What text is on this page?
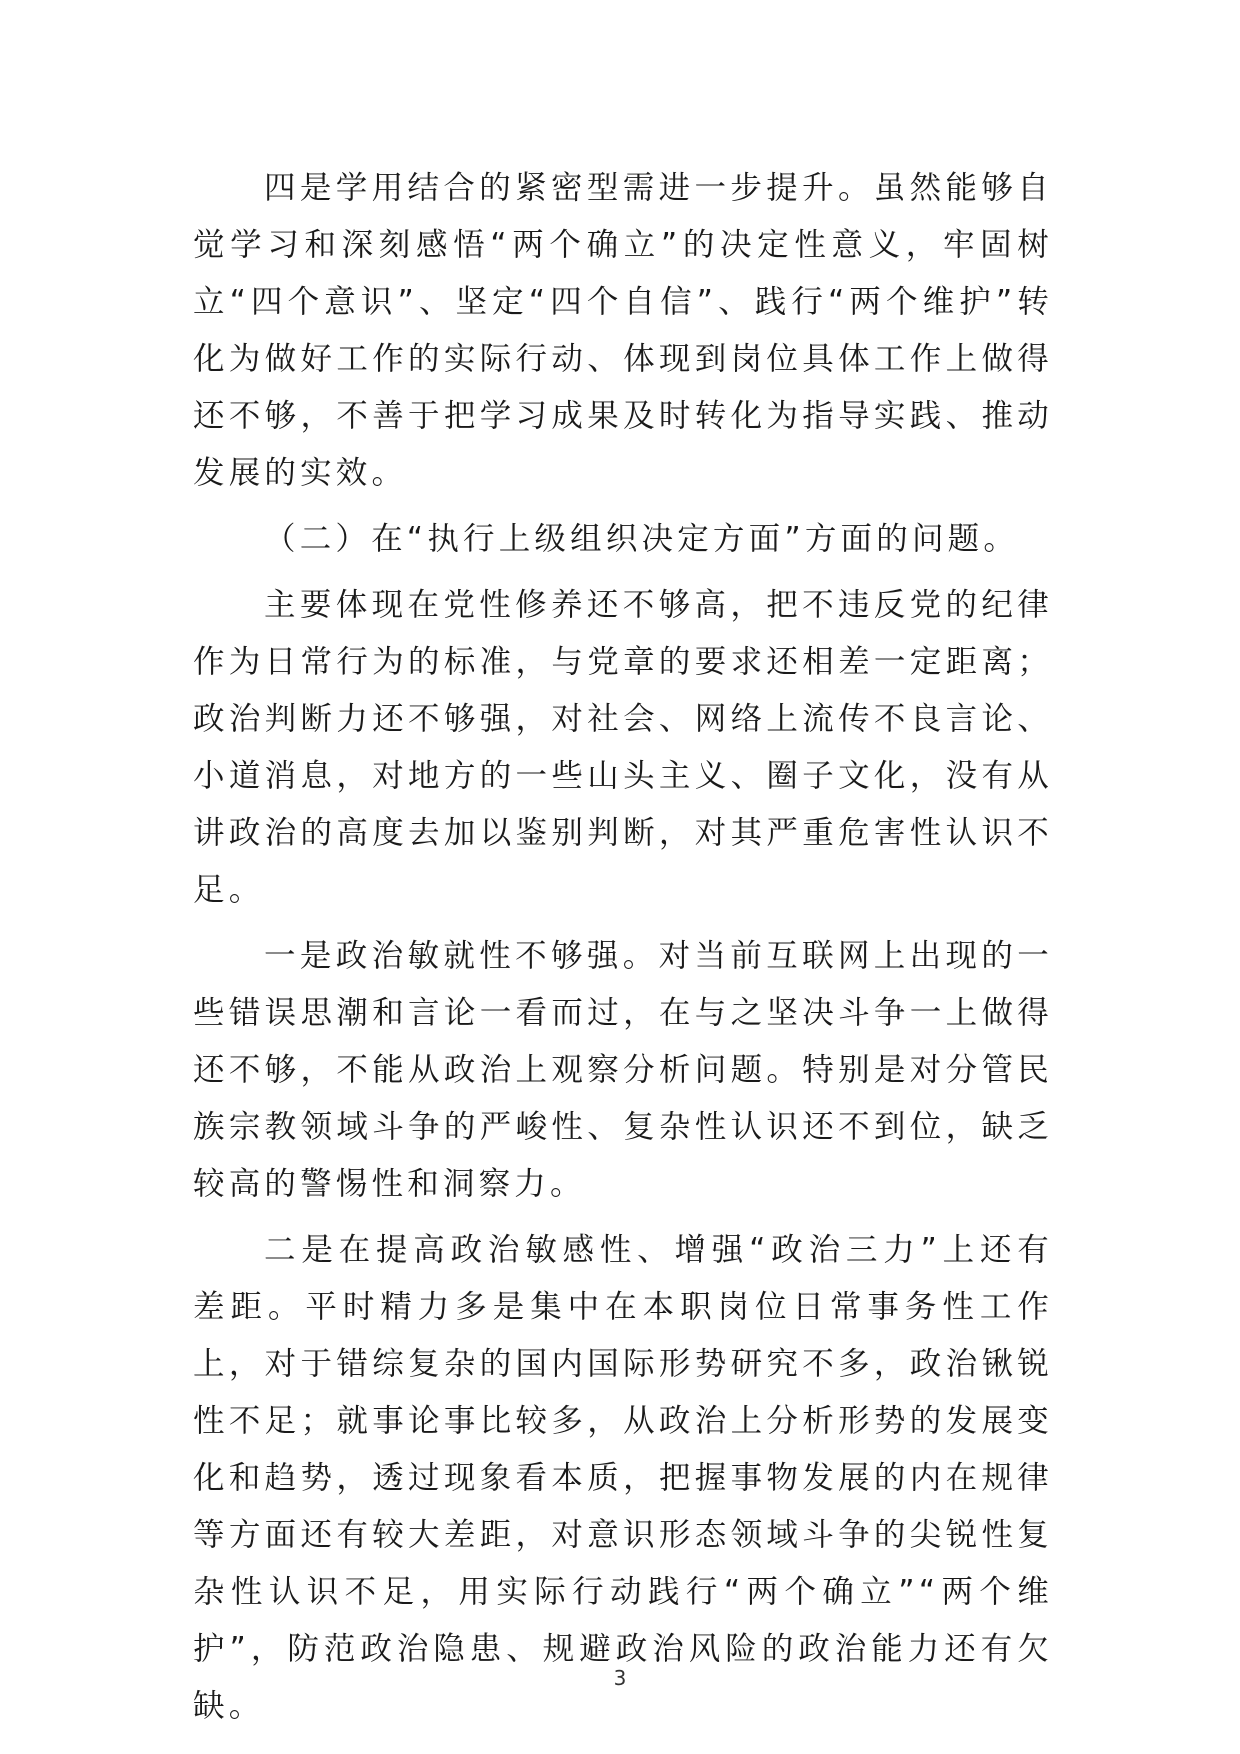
四是学用结合的紧密型需进一步提升。虽然能够自觉学习和深刻感悟“两个确立”的决定性意义，牢固树立“四个意识”、坚定“四个自信”、践行“两个维护”转化为做好工作的实际行动、体现到岗位具体工作上做得还不够，不善于把学习成果及时转化为指导实践、推动发展的实效。

（二）在“执行上级组织决定方面”方面的问题。

主要体现在党性修养还不够高，把不违反党的纪律作为日常行为的标准，与党章的要求还相差一定距离；政治判断力还不够强，对社会、网络上流传不良言论、小道消息，对地方的一些山头主义、圈子文化，没有从讲政治的高度去加以鉴别判断，对其严重危害性认识不足。

一是政治敏就性不够强。对当前互联网上出现的一些错误思潮和言论一看而过，在与之坚决斗争一上做得还不够，不能从政治上观察分析问题。特别是对分管民族宗教领域斗争的严峻性、复杂性认识还不到位，缺乏较高的警惕性和洞察力。

二是在提高政治敏感性、增强“政治三力”上还有差距。平时精力多是集中在本职岗位日常事务性工作上，对于错综复杂的国内国际形势研究不多，政治锹锐性不足；就事论事比较多，从政治上分析形势的发展变化和趋势，透过现象看本质，把握事物发展的内在规律等方面还有较大差距，对意识形态领域斗争的尖锐性复杂性认识不足，用实际行动践行“两个确立”“两个维护”，防范政治隐患、规避政治风险的政治能力还有欠缺。

3
